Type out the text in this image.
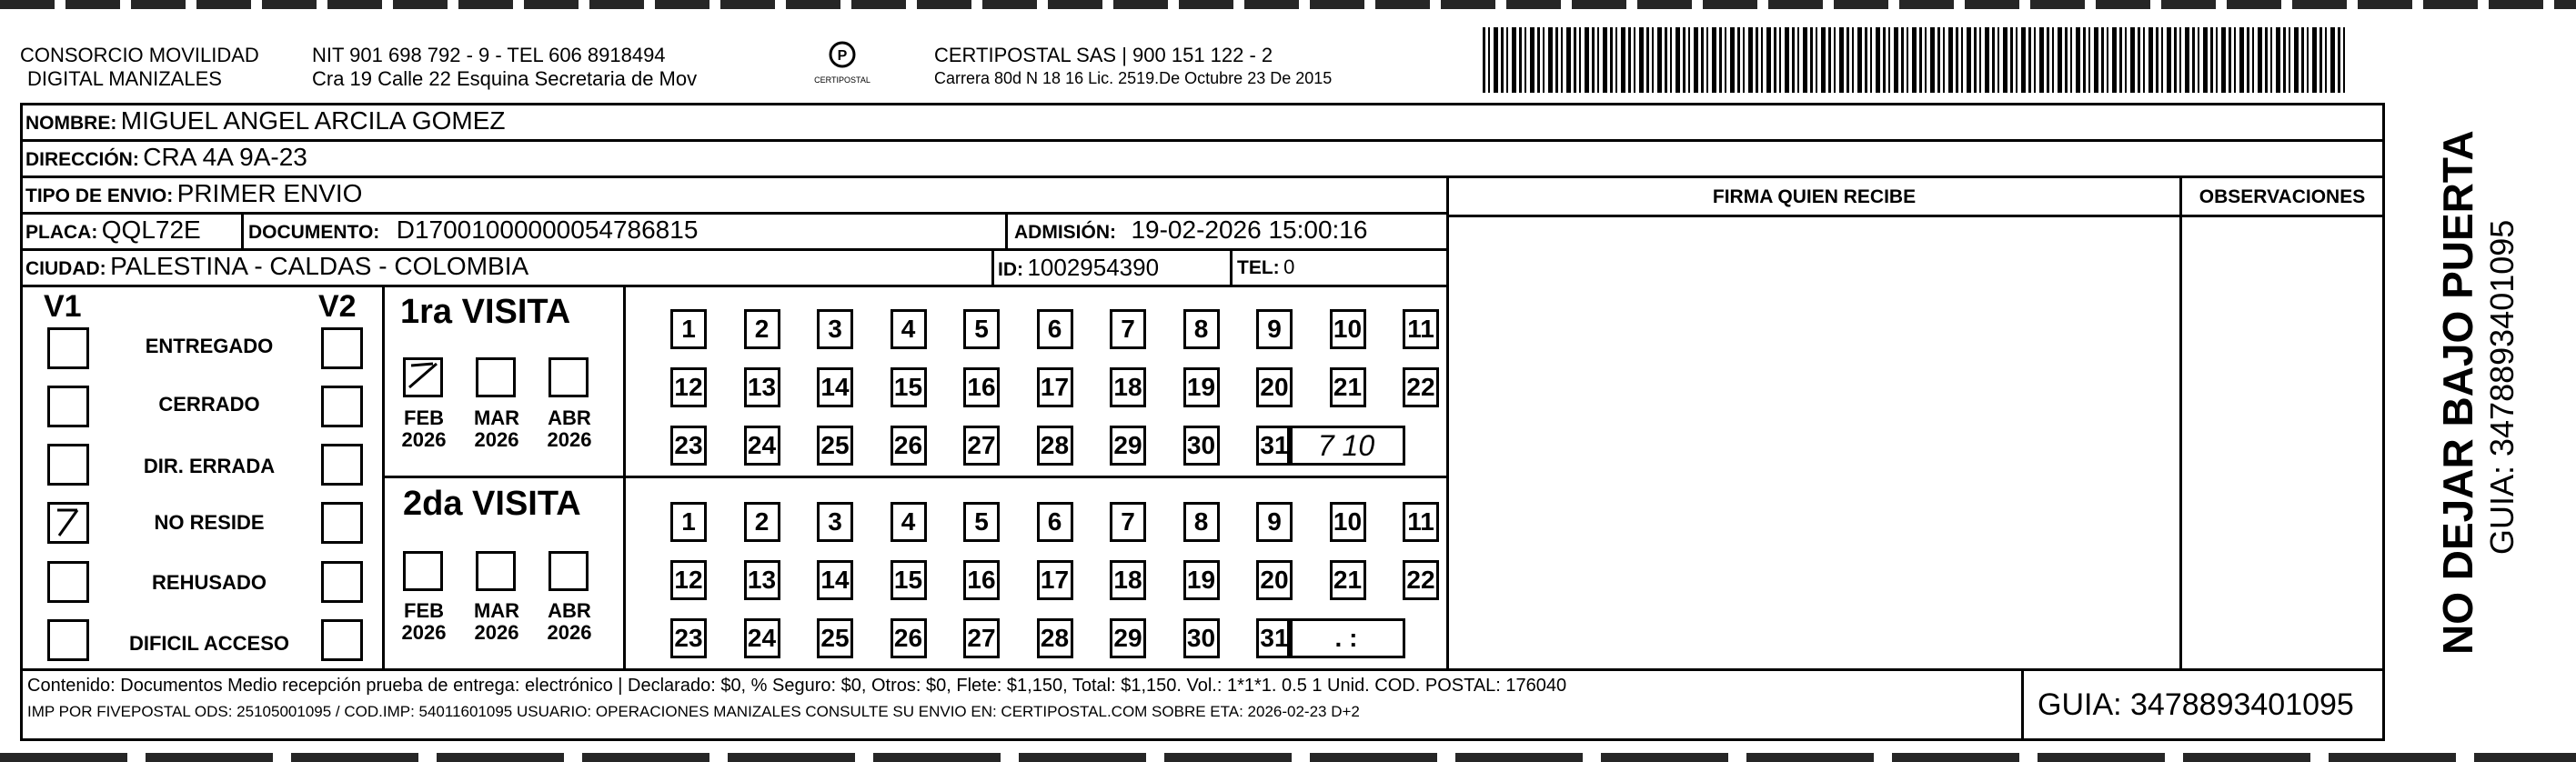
CONSORCIO MOVILIDAD
DIGITAL MANIZALES
NIT 901 698 792 - 9 - TEL 606 8918494
Cra 19 Calle 22 Esquina Secretaria de Mov
P
CERTIPOSTAL
CERTIPOSTAL SAS | 900 151 122 - 2
Carrera 80d N 18 16 Lic. 2519.De Octubre 23 De 2015
NOMBRE: MIGUEL ANGEL ARCILA GOMEZ
DIRECCIÓN: CRA 4A 9A-23
TIPO DE ENVIO: PRIMER ENVIO
PLACA: QQL72E DOCUMENTO: D17001000000054786815	ADMISIÓN: 19-02-2026 15:00:16
CIUDAD: PALESTINA - CALDAS - COLOMBIA	ID: 1002954390	TEL: 0
FIRMA QUIEN RECIBE	OBSERVACIONES
V1	V2
ENTREGADO
CERRADO
DIR. ERRADA
NO RESIDE
REHUSADO
DIFICIL ACCESO
1ra VISITA
FEB
2026
MAR
2026
ABR
2026
1	2	3	4	5	6	7	8	9	10 11
12 13 14 15 16 17 18 19 20 21 22
23 24 25 26 27 28 29 30 31	7 10
2da VISITA
FEB
2026
MAR
2026
ABR
2026
1	2	3	4	5	6	7	8	9	10 11
12 13 14 15 16 17 18 19 20 21 22
23 24 25 26 27 28 29 30 31	. :
Contenido: Documentos Medio recepción prueba de entrega: electrónico | Declarado: $0, % Seguro: $0, Otros: $0, Flete: $1,150, Total: $1,150. Vol.: 1*1*1. 0.5 1 Unid. COD. POSTAL: 176040
IMP POR FIVEPOSTAL ODS: 25105001095 / COD.IMP: 54011601095 USUARIO: OPERACIONES MANIZALES CONSULTE SU ENVIO EN: CERTIPOSTAL.COM SOBRE ETA: 2026-02-23 D+2	GUIA: 3478893401095
NO DEJAR BAJO PUERTA GUIA: 3478893401095
